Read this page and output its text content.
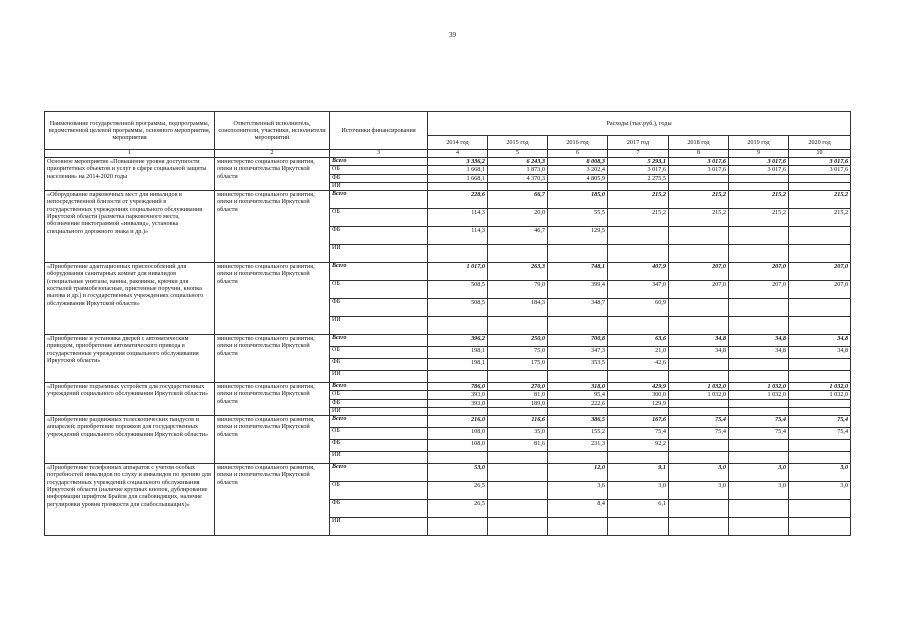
39
Наименование государственной программы, подпрограммы, ведомственной целевой программы, основного мероприятия, мероприятия	Ответственный исполнитель, соисполнители, участники, исполнители мероприятий	Источники финансирования	Расходы (тыс.руб.), годы						
			2014 год	2015 год	2016 год	2017 год	2018 год	2019 год	2020 год
1	2	3	4	5	6	7	8	9	10
Основное мероприятие «Повышение уровня доступности приоритетных объектов и услуг в сфере социальной защиты населения» на 2014-2020 годы	министерство социального развития, опеки и попечительства Иркутской области	Всего	3 336,2	6 243,3	8 008,3	5 293,1	3 017,6	3 017,6	3 017,6
		ОБ	1 668,1	1 873,0	3 202,4	3 017,6	3 017,6	3 017,6	3 017,6
		ФБ	1 668,1	4 370,3	4 805,9	2 275,5			
		ИИ							
«Оборудование парковочных мест для инвалидов в непосредственной близости от учреждений в государственных учреждениях социального обслуживания Иркутской области (разметка парковочного места, обозначение пиктограммой «инвалид», установка специального дорожного знака и др.)»	министерство социального развития, опеки и попечительства Иркутской области	Всего	228,6	66,7	185,0	215,2	215,2	215,2	215,2
		ОБ	114,3	20,0	55,5	215,2	215,2	215,2	215,2
		ФБ	114,3	46,7	129,5				
		ИИ							
«Приобретение адаптационных приспособлений для оборудования санитарных комнат для инвалидов (специальные унитазы, ванны, раковины, крючки для костылей травмобезопасные, пристенные поручни, кнопка вызова и др.) в государственных учреждениях социального обслуживания Иркутской области»	министерство социального развития, опеки и попечительства Иркутской области	Всего	1 017,0	263,3	748,1	407,9	207,0	207,0	207,0
		ОБ	508,5	79,0	399,4	347,0	207,0	207,0	207,0
		ФБ	508,5	184,3	348,7	60,9			
		ИИ							
«Приобретение и установка дверей с автоматическим приводом, приобретение автоматического привода в государственные учреждения социального обслуживания Иркутской области»	министерство социального развития, опеки и попечительства Иркутской области	Всего	396,2	250,0	700,8	63,6	34,8	34,8	34,8
		ОБ	198,1	75,0	347,3	21,0	34,8	34,8	34,8
		ФБ	198,1	175,0	353,5	42,6			
		ИИ							
«Приобретение подъемных устройств для государственных учреждений социального обслуживания Иркутской области»	министерство социального развития, опеки и попечительства Иркутской области	Всего	786,0	270,0	318,0	429,9	1 032,0	1 032,0	1 032,0
		ОБ	393,0	81,0	95,4	300,0	1 032,0	1 032,0	1 032,0
		ФБ	393,0	189,0	222,6	129,9			
		ИИ							
«Приобретение раздвижных телескопических пандусов и аппарелей; приобретение порожков для государственных учреждений социального обслуживания Иркутской области»	министерство социального развития, опеки и попечительства Иркутской области	Всего	216,0	116,6	386,5	167,6	75,4	75,4	75,4
		ОБ	108,0	35,0	155,2	75,4	75,4	75,4	75,4
		ФБ	108,0	81,6	231,3	92,2			
		ИИ							
«Приобретение телефонных аппаратов с учетом особых потребностей инвалидов по слуху и инвалидов по зрению для государственных учреждений социального обслуживания Иркутской области (наличие крупных кнопок, дублирование информации шрифтом Брайля для слабовидящих, наличие регулировки уровня громкости для слабослышащих)»	министерство социального развития, опеки и попечительства Иркутской области	Всего	53,0		12,0	9,1	3,0	3,0	3,0
		ОБ	26,5		3,6	3,0	3,0	3,0	3,0
		ФБ	26,5		8,4	6,1			
		ИИ							
